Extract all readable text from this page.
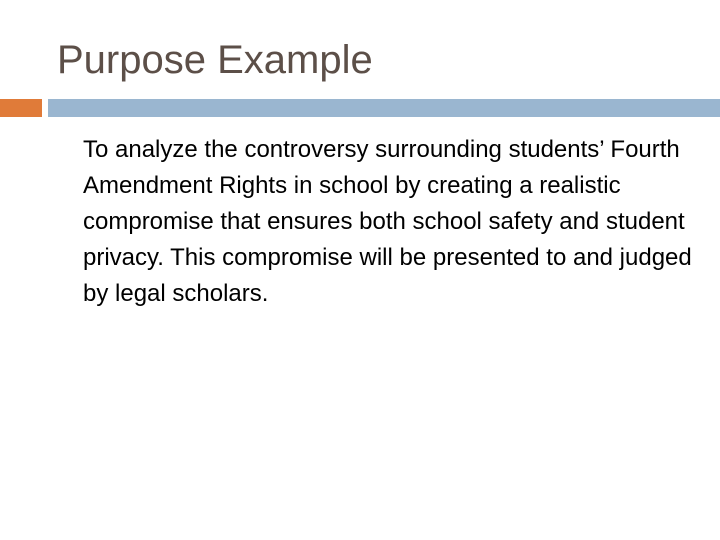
Purpose Example

To analyze the controversy surrounding students’ Fourth Amendment Rights in school by creating a realistic compromise that ensures both school safety and student privacy. This compromise will be presented to and judged by legal scholars.
